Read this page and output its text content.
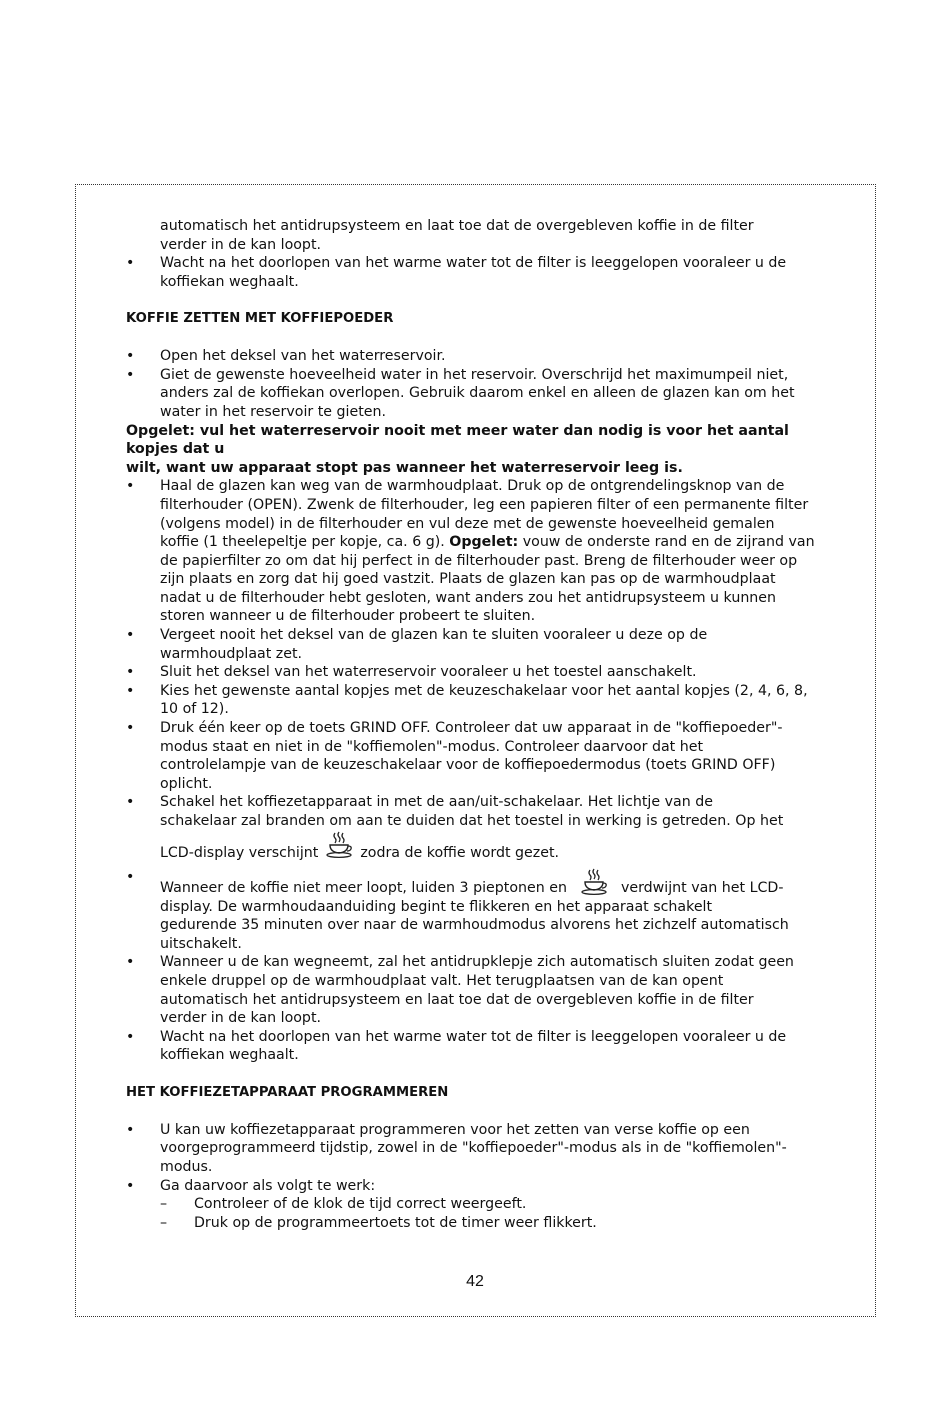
automatisch het antidrupsysteem en laat toe dat de overgebleven koffie in de filter

verder in de kan loopt.

• Wacht na het doorlopen van het warme water tot de filter is leeggelopen vooraleer u de
koffiekan weghaalt.

KOFFIE ZETTEN MET KOFFIEPOEDER

• Open het deksel van het waterreservoir.
• Giet de gewenste hoeveelheid water in het reservoir. Overschrijd het maximumpeil niet,
anders zal de koffiekan overlopen. Gebruik daarom enkel en alleen de glazen kan om het
water in het reservoir te gieten.

Opgelet: vul het waterreservoir nooit met meer water dan nodig is voor het aantal kopjes dat u

wilt, want uw apparaat stopt pas wanneer het waterreservoir leeg is.

• Haal de glazen kan weg van de warmhoudplaat. Druk op de ontgrendelingsknop van de
filterhouder (OPEN). Zwenk de filterhouder, leg een papieren filter of een permanente filter
(volgens model) in de filterhouder en vul deze met de gewenste hoeveelheid gemalen
koffie (1 theelepeltje per kopje, ca. 6 g). Opgelet: vouw de onderste rand en de zijrand van
de papierfilter zo om dat hij perfect in de filterhouder past. Breng de filterhouder weer op
zijn plaats en zorg dat hij goed vastzit. Plaats de glazen kan pas op de warmhoudplaat
nadat u de filterhouder hebt gesloten, want anders zou het antidrupsysteem u kunnen
storen wanneer u de filterhouder probeert te sluiten.
• Vergeet nooit het deksel van de glazen kan te sluiten vooraleer u deze op de
warmhoudplaat zet.
• Sluit het deksel van het waterreservoir vooraleer u het toestel aanschakelt.
• Kies het gewenste aantal kopjes met de keuzeschakelaar voor het aantal kopjes (2, 4, 6, 8,
10 of 12).
• Druk één keer op de toets GRIND OFF. Controleer dat uw apparaat in de "koffiepoeder"-
modus staat en niet in de "koffiemolen"-modus. Controleer daarvoor dat het
controlelampje van de keuzeschakelaar voor de koffiepoedermodus (toets GRIND OFF)
oplicht.
• Schakel het koffiezetapparaat in met de aan/uit-schakelaar. Het lichtje van de
schakelaar zal branden om aan te duiden dat het toestel in werking is getreden. Op het
LCD-display verschijnt	zodra de koffie wordt gezet.
• Wanneer de koffie niet meer loopt, luiden 3 pieptonen en	verdwijnt van het LCD-
display. De warmhoudaanduiding begint te flikkeren en het apparaat schakelt
gedurende 35 minuten over naar de warmhoudmodus alvorens het zichzelf automatisch
uitschakelt.
• Wanneer u de kan wegneemt, zal het antidrupklepje zich automatisch sluiten zodat geen
enkele druppel op de warmhoudplaat valt. Het terugplaatsen van de kan opent
automatisch het antidrupsysteem en laat toe dat de overgebleven koffie in de filter
verder in de kan loopt.
• Wacht na het doorlopen van het warme water tot de filter is leeggelopen vooraleer u de
koffiekan weghaalt.

HET KOFFIEZETAPPARAAT PROGRAMMEREN

• U kan uw koffiezetapparaat programmeren voor het zetten van verse koffie op een
voorgeprogrammeerd tijdstip, zowel in de "koffiepoeder"-modus als in de "koffiemolen"-
modus.
• Ga daarvoor als volgt te werk:
– Controleer of de klok de tijd correct weergeeft.
– Druk op de programmeertoets tot de timer weer flikkert.
42
